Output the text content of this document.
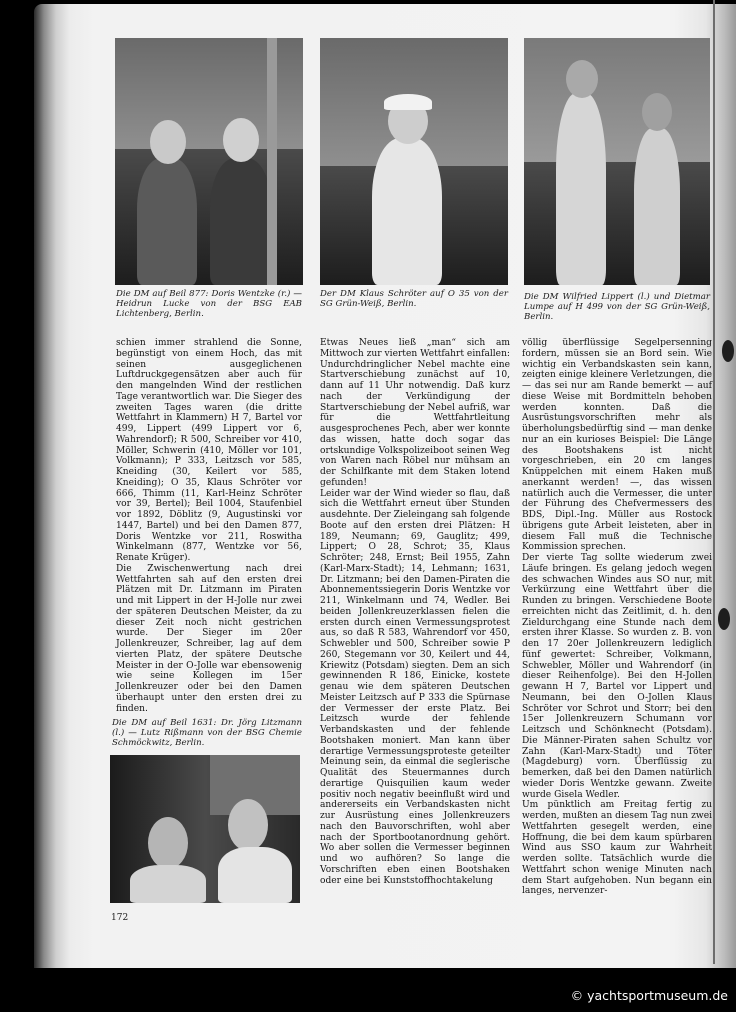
Die DM auf Beil 877: Doris Wentzke (r.) — Heidrun Lucke von der BSG EAB Lichtenberg, Berlin.
Der DM Klaus Schröter auf O 35 von der SG Grün-Weiß, Berlin.
Die DM Wilfried Lippert (l.) und Dietmar Lumpe auf H 499 von der SG Grün-Weiß, Berlin.

schien immer strahlend die Sonne, begünstigt von einem Hoch, das mit seinen ausgeglichenen Luftdruckgegensätzen aber auch für den mangelnden Wind der restlichen Tage verantwortlich war. Die Sieger des zweiten Tages waren (die dritte Wettfahrt in Klammern) H 7, Bartel vor 499, Lippert (499 Lippert vor 6, Wahrendorf); R 500, Schreiber vor 410, Möller, Schwerin (410, Möller vor 101, Volkmann); P 333, Leitzsch vor 585, Kneiding (30, Keilert vor 585, Kneiding); O 35, Klaus Schröter vor 666, Thimm (11, Karl-Heinz Schröter vor 39, Bertel); Beil 1004, Staufenbiel vor 1892, Döblitz (9, Augustinski vor 1447, Bartel) und bei den Damen 877, Doris Wentzke vor 211, Roswitha Winkelmann (877, Wentzke vor 56, Renate Krüger).

Die Zwischenwertung nach drei Wettfahrten sah auf den ersten drei Plätzen mit Dr. Litzmann im Piraten und mit Lippert in der H-Jolle nur zwei der späteren Deutschen Meister, da zu dieser Zeit noch nicht gestrichen wurde. Der Sieger im 20er Jollenkreuzer, Schreiber, lag auf dem vierten Platz, der spätere Deutsche Meister in der O-Jolle war ebensowenig wie seine Kollegen im 15er Jollenkreuzer oder bei den Damen überhaupt unter den ersten drei zu finden.

Die DM auf Beil 1631: Dr. Jörg Litzmann (l.) — Lutz Rißmann von der BSG Chemie Schmöckwitz, Berlin.

Etwas Neues ließ „man“ sich am Mittwoch zur vierten Wettfahrt einfallen: Undurchdringlicher Nebel machte eine Startverschiebung zunächst auf 10, dann auf 11 Uhr notwendig. Daß kurz nach der Verkündigung der Startverschiebung der Nebel aufriß, war für die Wettfahrtleitung ausgesprochenes Pech, aber wer konnte das wissen, hatte doch sogar das ortskundige Volkspolizeiboot seinen Weg von Waren nach Röbel nur mühsam an der Schilfkante mit dem Staken lotend gefunden!

Leider war der Wind wieder so flau, daß sich die Wettfahrt erneut über Stunden ausdehnte. Der Zieleingang sah folgende Boote auf den ersten drei Plätzen: H 189, Neumann; 69, Gauglitz; 499, Lippert; O 28, Schrot; 35, Klaus Schröter; 248, Ernst; Beil 1955, Zahn (Karl-Marx-Stadt); 14, Lehmann; 1631, Dr. Litzmann; bei den Damen-Piraten die Abonnementssiegerin Doris Wentzke vor 211, Winkelmann und 74, Wedler. Bei beiden Jollenkreuzerklassen fielen die ersten durch einen Vermessungsprotest aus, so daß R 583, Wahrendorf vor 450, Schwebler und 500, Schreiber sowie P 260, Stegemann vor 30, Keilert und 44, Kriewitz (Potsdam) siegten. Dem an sich gewinnenden R 186, Einicke, kostete genau wie dem späteren Deutschen Meister Leitzsch auf P 333 die Spürnase der Vermesser der erste Platz. Bei Leitzsch wurde der fehlende Verbandskasten und der fehlende Bootshaken moniert. Man kann über derartige Vermessungsproteste geteilter Meinung sein, da einmal die seglerische Qualität des Steuermannes durch derartige Quisquilien kaum weder positiv noch negativ beeinflußt wird und andererseits ein Verbandskasten nicht zur Ausrüstung eines Jollenkreuzers nach den Bauvorschriften, wohl aber nach der Sportbootanordnung gehört. Wo aber sollen die Vermesser beginnen und wo aufhören? So lange die Vorschriften eben einen Bootshaken oder eine bei Kunststoffhochtakelung

völlig überflüssige Segelpersenning fordern, müssen sie an Bord sein. Wie wichtig ein Verbandskasten sein kann, zeigten einige kleinere Verletzungen, die — das sei nur am Rande bemerkt — auf diese Weise mit Bordmitteln behoben werden konnten. Daß die Ausrüstungsvorschriften mehr als überholungsbedürftig sind — man denke nur an ein kurioses Beispiel: Die Länge des Bootshakens ist nicht vorgeschrieben, ein 20 cm langes Knüppelchen mit einem Haken muß anerkannt werden! —, das wissen natürlich auch die Vermesser, die unter der Führung des Chefvermessers des BDS, Dipl.-Ing. Müller aus Rostock übrigens gute Arbeit leisteten, aber in diesem Fall muß die Technische Kommission sprechen.

Der vierte Tag sollte wiederum zwei Läufe bringen. Es gelang jedoch wegen des schwachen Windes aus SO nur, mit Verkürzung eine Wettfahrt über die Runden zu bringen. Verschiedene Boote erreichten nicht das Zeitlimit, d. h. den Zieldurchgang eine Stunde nach dem ersten ihrer Klasse. So wurden z. B. von den 17 20er Jollenkreuzern lediglich fünf gewertet: Schreiber, Volkmann, Schwebler, Möller und Wahrendorf (in dieser Reihenfolge). Bei den H-Jollen gewann H 7, Bartel vor Lippert und Neumann, bei den O-Jollen Klaus Schröter vor Schrot und Storr; bei den 15er Jollenkreuzern Schumann vor Leitzsch und Schönknecht (Potsdam). Die Männer-Piraten sahen Schultz vor Zahn (Karl-Marx-Stadt) und Töter (Magdeburg) vorn. Überflüssig zu bemerken, daß bei den Damen natürlich wieder Doris Wentzke gewann. Zweite wurde Gisela Wedler.

Um pünktlich am Freitag fertig zu werden, mußten an diesem Tag nun zwei Wettfahrten gesegelt werden, eine Hoffnung, die bei dem kaum spürbaren Wind aus SSO kaum zur Wahrheit werden sollte. Tatsächlich wurde die Wettfahrt schon wenige Minuten nach dem Start aufgehoben. Nun begann ein langes, nervenzer-

172
© yachtsportmuseum.de
